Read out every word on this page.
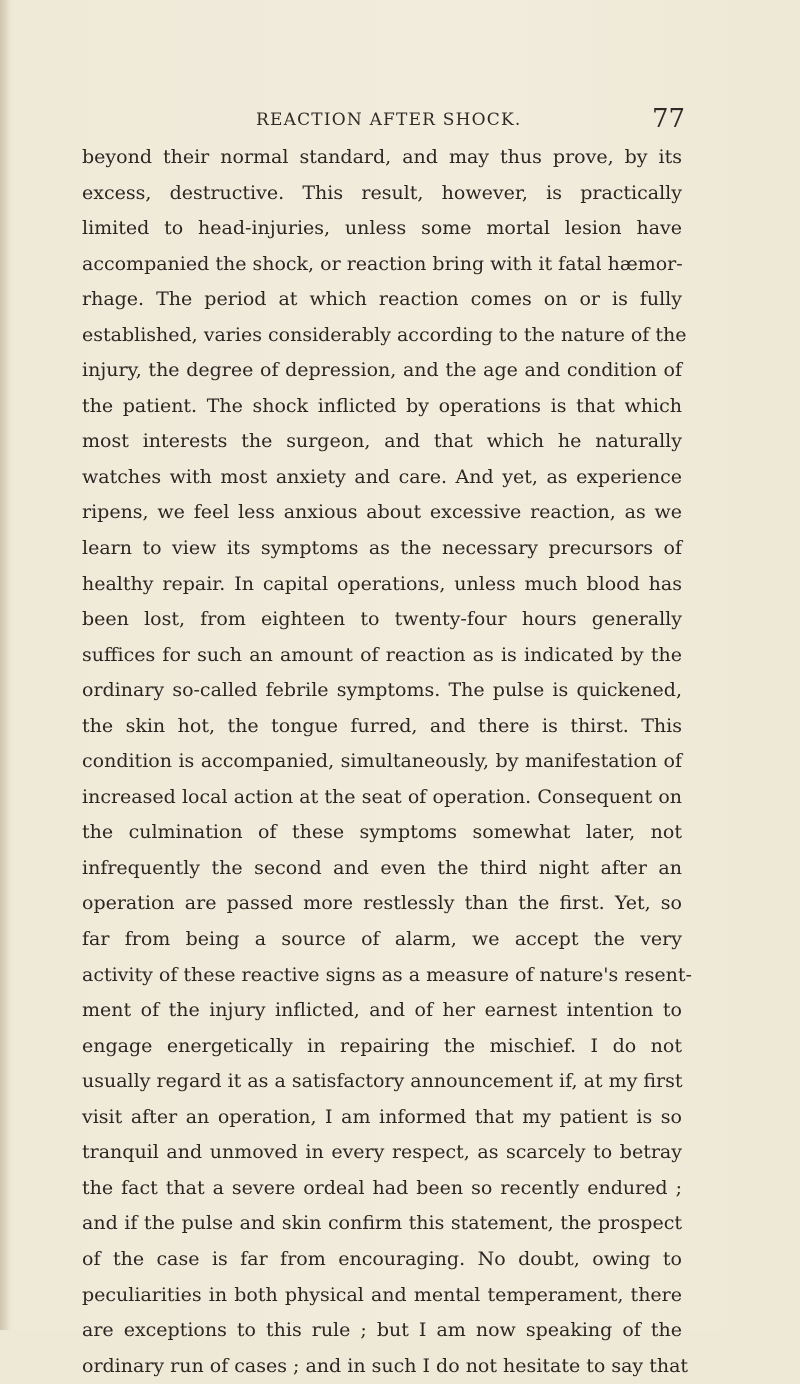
REACTION AFTER SHOCK.	77
beyond their normal standard, and may thus prove, by its
excess, destructive. This result, however, is practically
limited to head-injuries, unless some mortal lesion have
accompanied the shock, or reaction bring with it fatal hæmor-
rhage. The period at which reaction comes on or is fully
established, varies considerably according to the nature of the
injury, the degree of depression, and the age and condition of
the patient. The shock inflicted by operations is that which
most interests the surgeon, and that which he naturally
watches with most anxiety and care. And yet, as experience
ripens, we feel less anxious about excessive reaction, as we
learn to view its symptoms as the necessary precursors of
healthy repair. In capital operations, unless much blood has
been lost, from eighteen to twenty-four hours generally
suffices for such an amount of reaction as is indicated by the
ordinary so-called febrile symptoms. The pulse is quickened,
the skin hot, the tongue furred, and there is thirst. This
condition is accompanied, simultaneously, by manifestation of
increased local action at the seat of operation. Consequent on
the culmination of these symptoms somewhat later, not
infrequently the second and even the third night after an
operation are passed more restlessly than the first. Yet, so
far from being a source of alarm, we accept the very
activity of these reactive signs as a measure of nature's resent-
ment of the injury inflicted, and of her earnest intention to
engage energetically in repairing the mischief. I do not
usually regard it as a satisfactory announcement if, at my first
visit after an operation, I am informed that my patient is so
tranquil and unmoved in every respect, as scarcely to betray
the fact that a severe ordeal had been so recently endured ;
and if the pulse and skin confirm this statement, the prospect
of the case is far from encouraging. No doubt, owing to
peculiarities in both physical and mental temperament, there
are exceptions to this rule ; but I am now speaking of the
ordinary run of cases ; and in such I do not hesitate to say that
